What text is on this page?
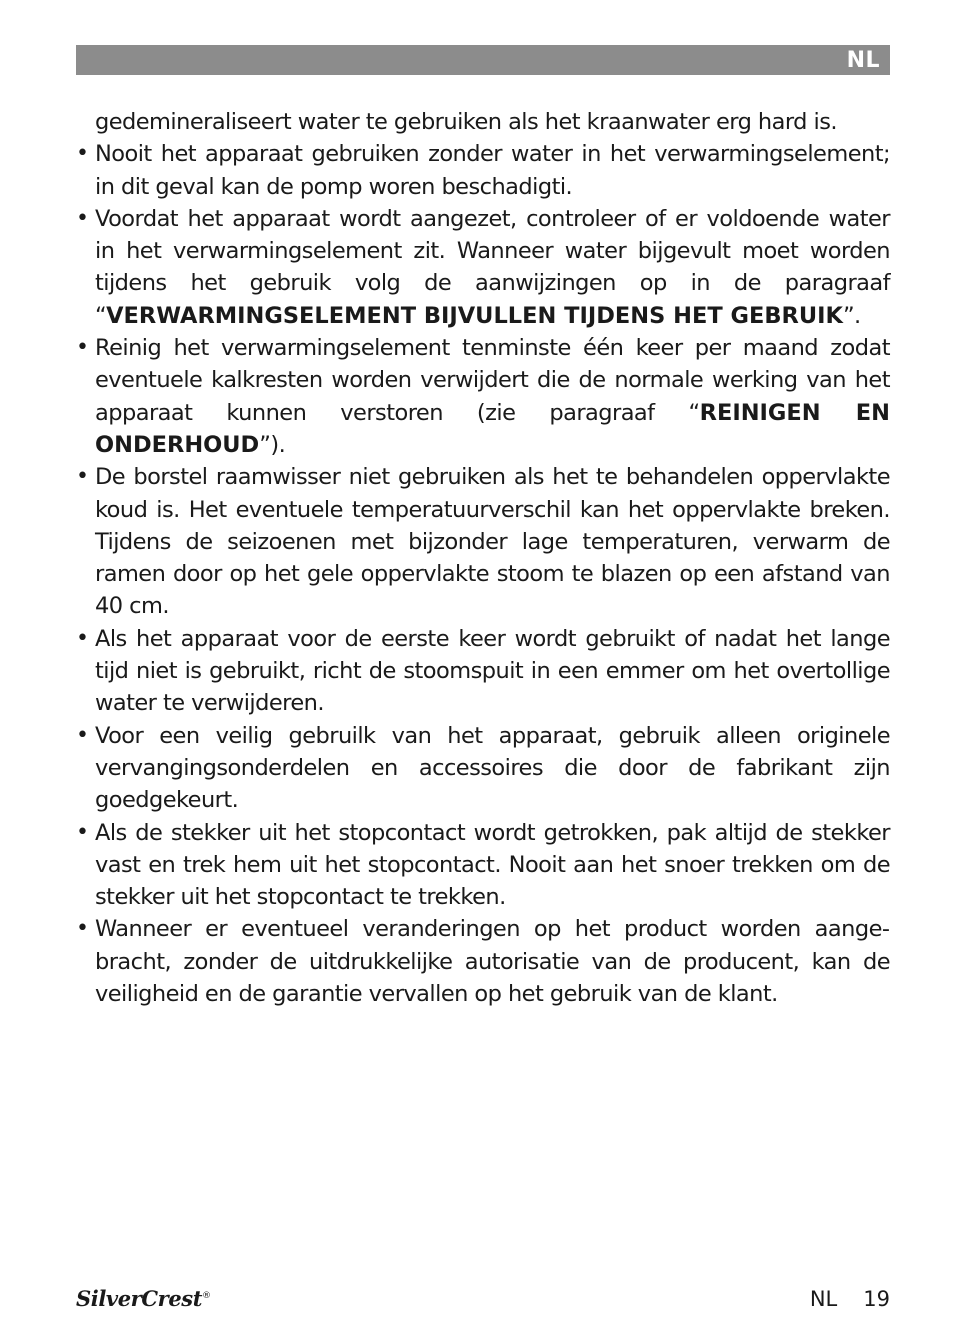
NL

gedemineraliseert water te gebruiken als het kraanwater erg hard is.

• Nooit het apparaat gebruiken zonder water in het verwarmingselement; in dit geval kan de pomp woren beschadigti.

• Voordat het apparaat wordt aangezet, controleer of er voldoende water in het verwarmingselement zit. Wanneer water bijgevult moet worden tijdens het gebruik volg de aanwijzingen op in de paragraaf “VERWARMINGSELEMENT BIJVULLEN TIJDENS HET GEBRUIK”.

• Reinig het verwarmingselement tenminste één keer per maand zodat eventuele kalkresten worden verwijdert die de normale werking van het apparaat kunnen verstoren (zie paragraaf “REINIGEN EN ONDERHOUD”).

• De borstel raamwisser niet gebruiken als het te behandelen oppervlakte koud is. Het eventuele temperatuurverschil kan het oppervlakte breken. Tijdens de seizoenen met bijzonder lage temperaturen, verwarm de ramen door op het gele oppervlakte stoom te blazen op een afstand van 40 cm.

• Als het apparaat voor de eerste keer wordt gebruikt of nadat het lange tijd niet is gebruikt, richt de stoomspuit in een emmer om het overtollige water te verwijderen.

• Voor een veilig gebruilk van het apparaat, gebruik alleen originele vervangingsonderdelen en accessoires die door de fabrikant zijn goedgekeurt.

• Als de stekker uit het stopcontact wordt getrokken, pak altijd de stekker vast en trek hem uit het stopcontact. Nooit aan het snoer trekken om de stekker uit het stopcontact te trekken.

• Wanneer er eventueel veranderingen op het product worden aangebracht, zonder de uitdrukkelijke autorisatie van de producent, kan de veiligheid en de garantie vervallen op het gebruik van de klant.

SilverCrest®	NL 19
